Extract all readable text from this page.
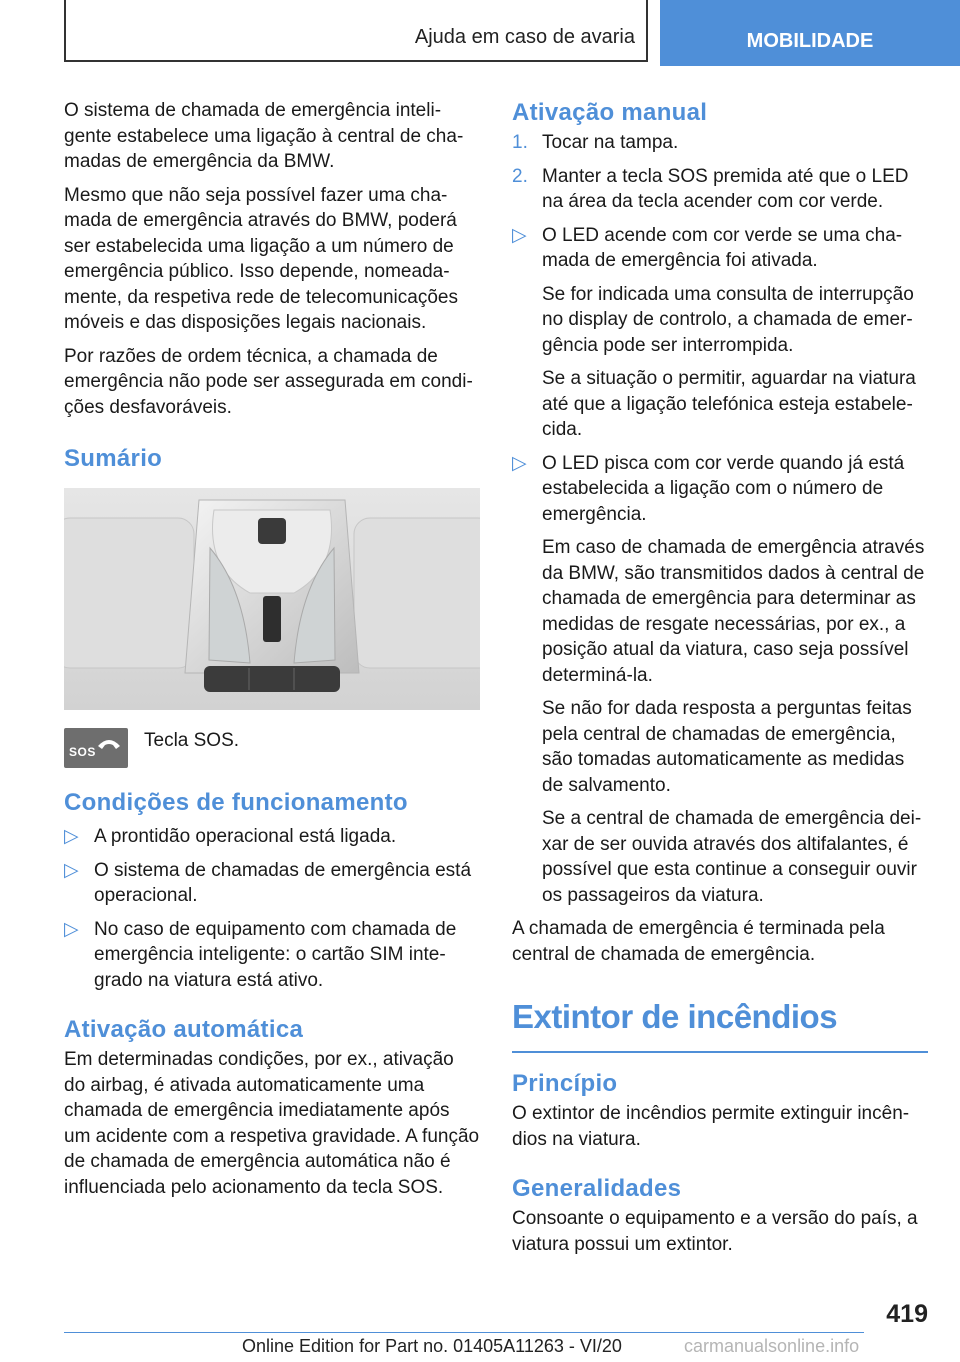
Ajuda em caso de avaria	MOBILIDADE

O sistema de chamada de emergência inteligente estabelece uma ligação à central de chamadas de emergência da BMW.

Mesmo que não seja possível fazer uma chamada de emergência através do BMW, poderá ser estabelecida uma ligação a um número de emergência público. Isso depende, nomeadamente, da respetiva rede de telecomunicações móveis e das disposições legais nacionais.

Por razões de ordem técnica, a chamada de emergência não pode ser assegurada em condições desfavoráveis.

Sumário
SOS
Tecla SOS.
Condições de funcionamento
▷ A prontidão operacional está ligada.
▷ O sistema de chamadas de emergência está operacional.
▷ No caso de equipamento com chamada de emergência inteligente: o cartão SIM integrado na viatura está ativo.
Ativação automática

Em determinadas condições, por ex., ativação do airbag, é ativada automaticamente uma chamada de emergência imediatamente após um acidente com a respetiva gravidade. A função de chamada de emergência automática não é influenciada pelo acionamento da tecla SOS.

Ativação manual
1. Tocar na tampa.
2. Manter a tecla SOS premida até que o LED na área da tecla acender com cor verde.
▷ O LED acende com cor verde se uma chamada de emergência foi ativada.
Se for indicada uma consulta de interrupção no display de controlo, a chamada de emergência pode ser interrompida.
Se a situação o permitir, aguardar na viatura até que a ligação telefónica esteja estabelecida.
▷ O LED pisca com cor verde quando já está estabelecida a ligação com o número de emergência.
Em caso de chamada de emergência através da BMW, são transmitidos dados à central de chamada de emergência para determinar as medidas de resgate necessárias, por ex., a posição atual da viatura, caso seja possível determiná-la.
Se não for dada resposta a perguntas feitas pela central de chamadas de emergência, são tomadas automaticamente as medidas de salvamento.
Se a central de chamada de emergência deixar de ser ouvida através dos altifalantes, é possível que esta continue a conseguir ouvir os passageiros da viatura.

A chamada de emergência é terminada pela central de chamada de emergência.

Extintor de incêndios
Princípio

O extintor de incêndios permite extinguir incêndios na viatura.

Generalidades

Consoante o equipamento e a versão do país, a viatura possui um extintor.

419
Online Edition for Part no. 01405A11263 - VI/20	carmanualsonline.info
